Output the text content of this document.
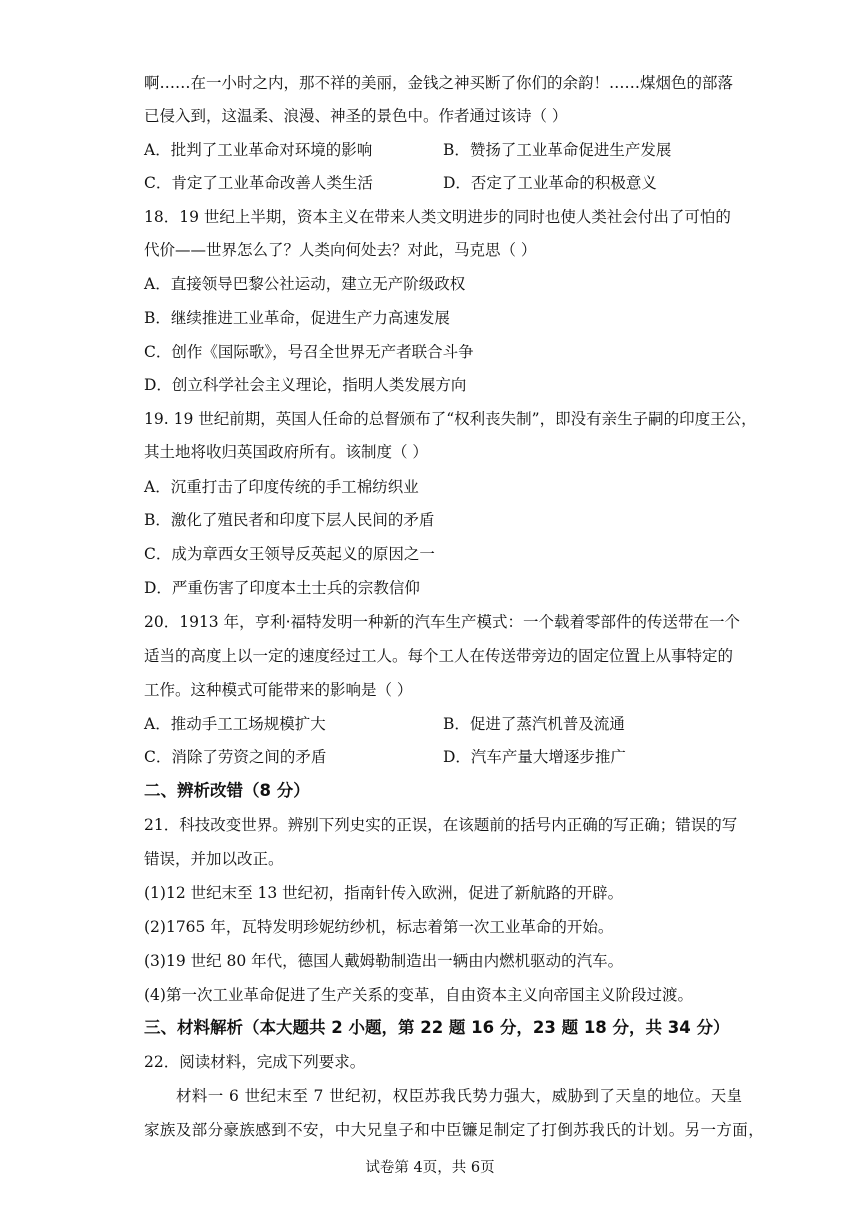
啊……在一小时之内，那不祥的美丽，金钱之神买断了你们的余韵！……煤烟色的部落
已侵入到，这温柔、浪漫、神圣的景色中。作者通过该诗（ ）
A．批判了工业革命对环境的影响	B．赞扬了工业革命促进生产发展
C．肯定了工业革命改善人类生活	D．否定了工业革命的积极意义
18．19 世纪上半期，资本主义在带来人类文明进步的同时也使人类社会付出了可怕的
代价——世界怎么了？人类向何处去？对此，马克思（ ）
A．直接领导巴黎公社运动，建立无产阶级政权
B．继续推进工业革命，促进生产力高速发展
C．创作《国际歌》，号召全世界无产者联合斗争
D．创立科学社会主义理论，指明人类发展方向
19. 19 世纪前期，英国人任命的总督颁布了“权利丧失制”，即没有亲生子嗣的印度王公，
其土地将收归英国政府所有。该制度（ ）
A．沉重打击了印度传统的手工棉纺织业
B．激化了殖民者和印度下层人民间的矛盾
C．成为章西女王领导反英起义的原因之一
D．严重伤害了印度本土士兵的宗教信仰
20．1913 年，亨利·福特发明一种新的汽车生产模式：一个载着零部件的传送带在一个
适当的高度上以一定的速度经过工人。每个工人在传送带旁边的固定位置上从事特定的
工作。这种模式可能带来的影响是（ ）
A．推动手工工场规模扩大	B．促进了蒸汽机普及流通
C．消除了劳资之间的矛盾	D．汽车产量大增逐步推广
二、辨析改错（8 分）
21．科技改变世界。辨别下列史实的正误，在该题前的括号内正确的写正确；错误的写
错误，并加以改正。
(1)12 世纪末至 13 世纪初，指南针传入欧洲，促进了新航路的开辟。
(2)1765 年，瓦特发明珍妮纺纱机，标志着第一次工业革命的开始。
(3)19 世纪 80 年代，德国人戴姆勒制造出一辆由内燃机驱动的汽车。
(4)第一次工业革命促进了生产关系的变革，自由资本主义向帝国主义阶段过渡。
三、材料解析（本大题共 2 小题，第 22 题 16 分，23 题 18 分，共 34 分）
22．阅读材料，完成下列要求。
材料一 6 世纪末至 7 世纪初，权臣苏我氏势力强大，威胁到了天皇的地位。天皇
家族及部分豪族感到不安，中大兄皇子和中臣镰足制定了打倒苏我氏的计划。另一方面，
试卷第 4页，共 6页
